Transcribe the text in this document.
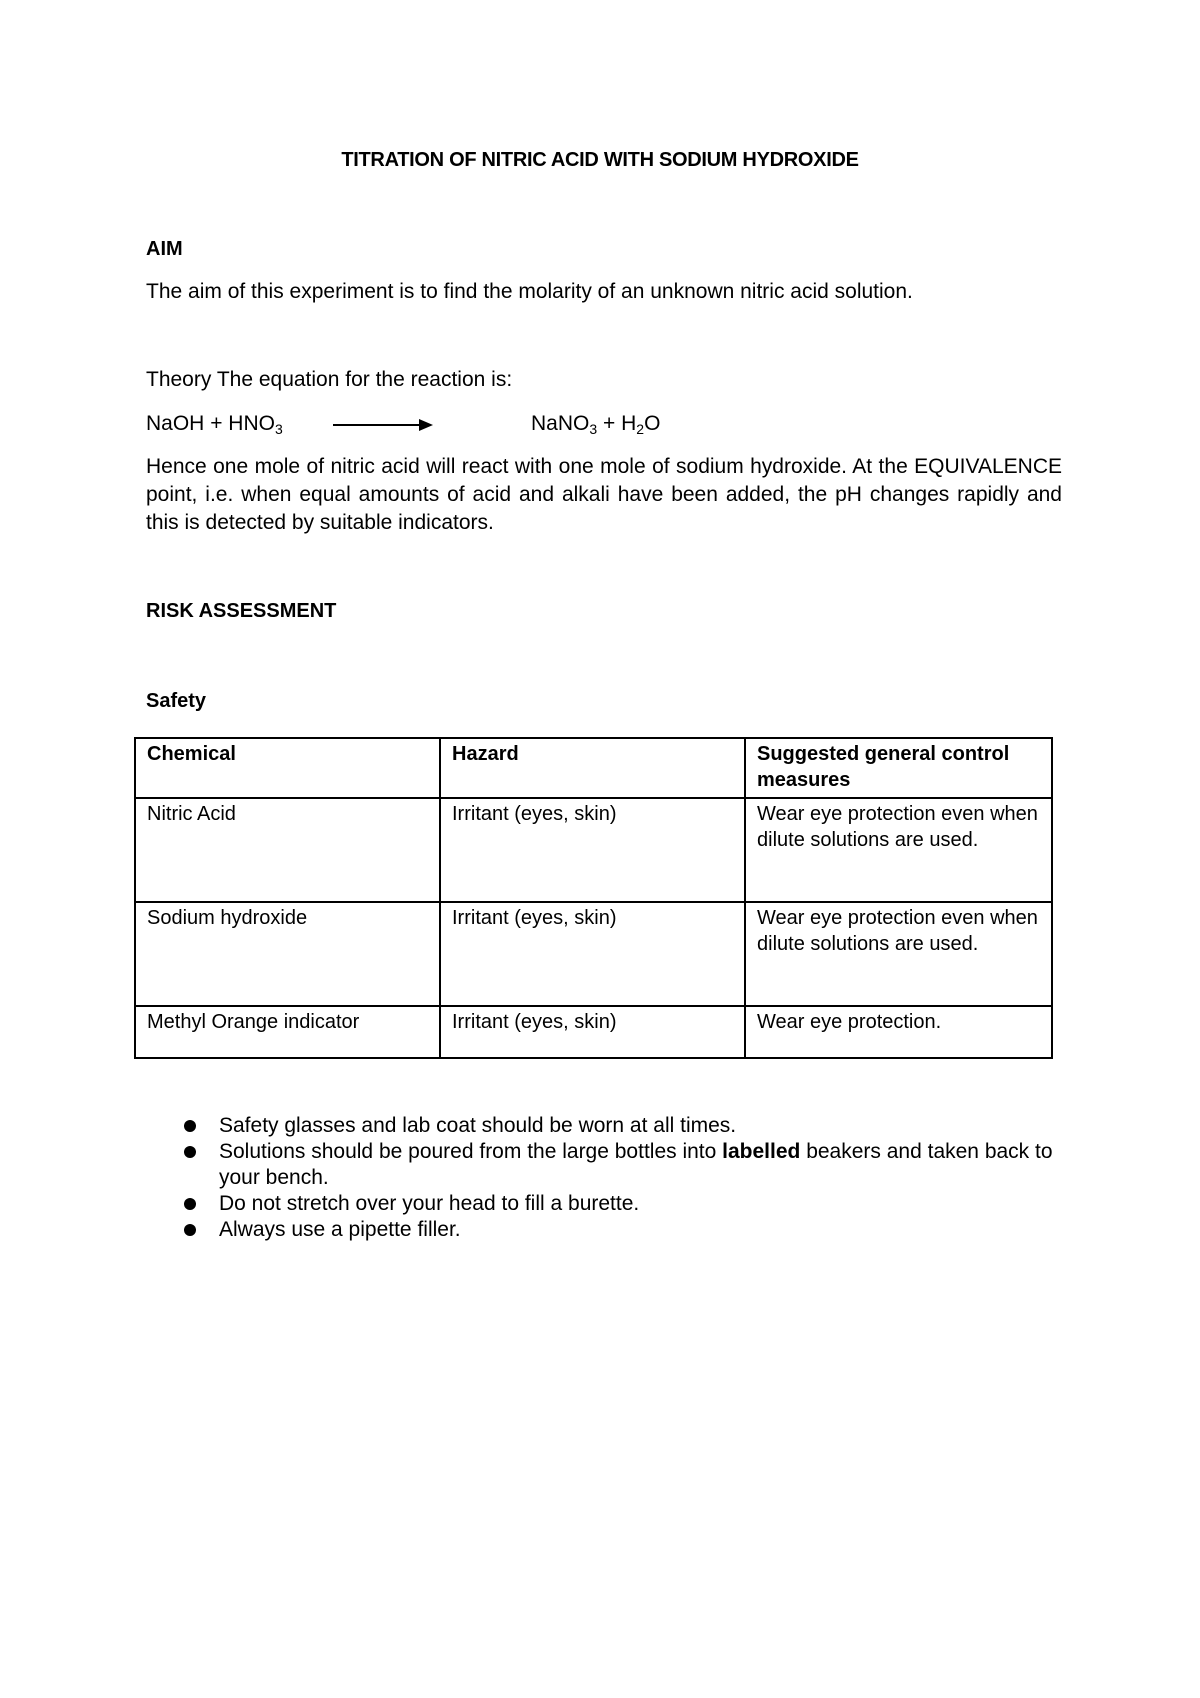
TITRATION OF NITRIC ACID WITH SODIUM HYDROXIDE
AIM
The aim of this experiment is to find the molarity of an unknown nitric acid solution.
Theory The equation for the reaction is:
NaOH + $HNO_3$	NaNO$_3$ + $H_2O$
Hence one mole of nitric acid will react with one mole of sodium hydroxide. At the EQUIVALENCE point, i.e. when equal amounts of acid and alkali have been added, the pH changes rapidly and this is detected by suitable indicators.
RISK ASSESSMENT
Safety
Chemical	Hazard	Suggested general control measures
Nitric Acid	Irritant (eyes, skin)	Wear eye protection even when dilute solutions are used.
Sodium hydroxide	Irritant (eyes, skin)	Wear eye protection even when dilute solutions are used.
Methyl Orange indicator	Irritant (eyes, skin)	Wear eye protection.
Safety glasses and lab coat should be worn at all times.
Solutions should be poured from the large bottles into labelled beakers and taken back to your bench.
Do not stretch over your head to fill a burette.
Always use a pipette filler.
